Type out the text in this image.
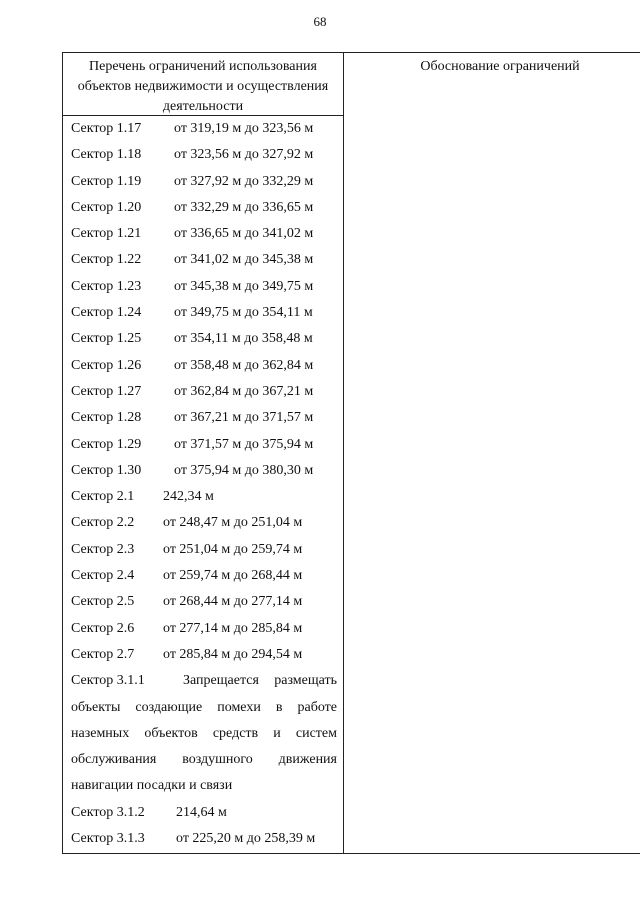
68
Перечень ограничений использования объектов недвижимости и осуществления деятельности
Обоснование ограничений
Сектор 1.17 от 319,19 м до 323,56 м
Сектор 1.18 от 323,56 м до 327,92 м
Сектор 1.19 от 327,92 м до 332,29 м
Сектор 1.20 от 332,29 м до 336,65 м
Сектор 1.21 от 336,65 м до 341,02 м
Сектор 1.22 от 341,02 м до 345,38 м
Сектор 1.23 от 345,38 м до 349,75 м
Сектор 1.24 от 349,75 м до 354,11 м
Сектор 1.25 от 354,11 м до 358,48 м
Сектор 1.26 от 358,48 м до 362,84 м
Сектор 1.27 от 362,84 м до 367,21 м
Сектор 1.28 от 367,21 м до 371,57 м
Сектор 1.29 от 371,57 м до 375,94 м
Сектор 1.30 от 375,94 м до 380,30 м
Сектор 2.1 242,34 м
Сектор 2.2 от 248,47 м до 251,04 м
Сектор 2.3 от 251,04 м до 259,74 м
Сектор 2.4 от 259,74 м до 268,44 м
Сектор 2.5 от 268,44 м до 277,14 м
Сектор 2.6 от 277,14 м до 285,84 м
Сектор 2.7 от 285,84 м до 294,54 м
Сектор 3.1.1	Запрещается размещать объекты создающие помехи в работе наземных объектов средств и систем обслуживания воздушного движения навигации посадки и связи
Сектор 3.1.2 214,64 м
Сектор 3.1.3 от 225,20 м до 258,39 м
